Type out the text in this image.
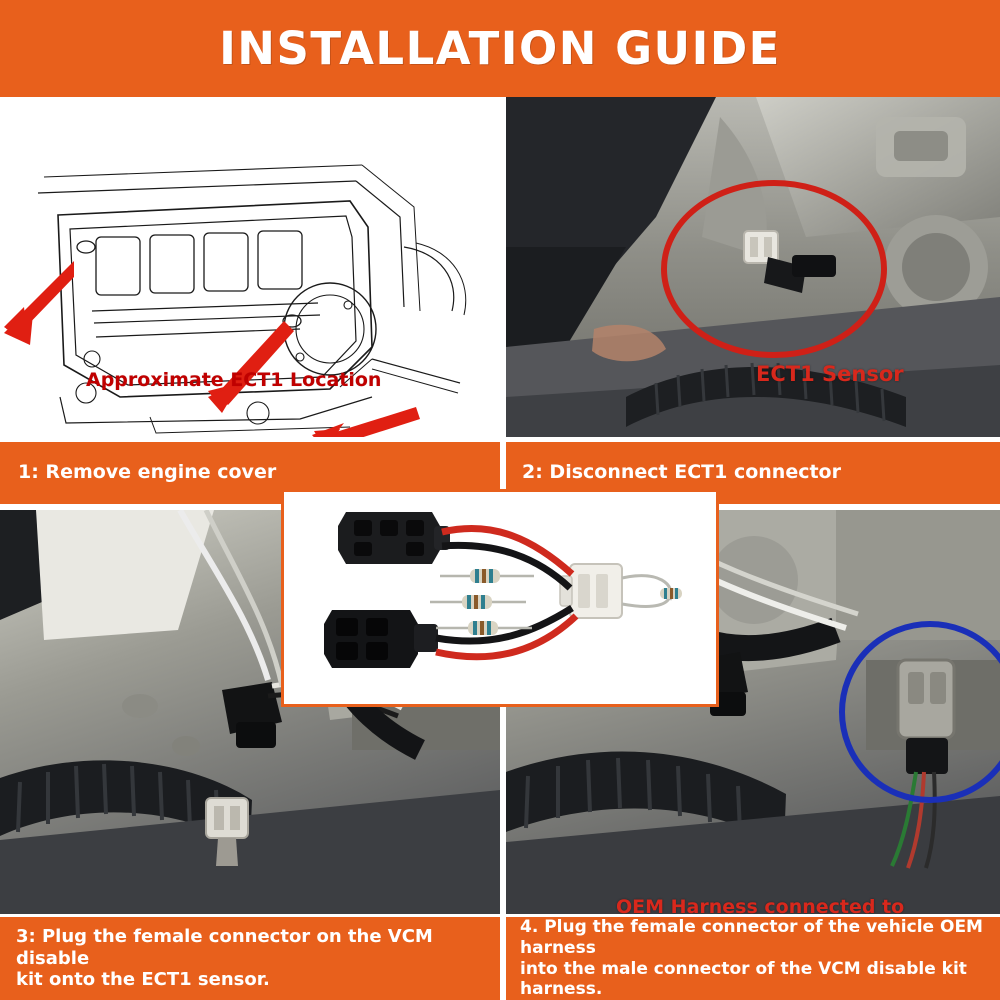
INSTALLATION GUIDE
Approximate ECT1 Location	ECT1 Sensor
1: Remove engine cover	2: Disconnect ECT1 connector
OEM Harness connected to
3: Plug the female connector on the VCM disable
kit onto the ECT1 sensor.
4. Plug the female connector of the vehicle OEM harness
into the male connector of the VCM disable kit harness.
